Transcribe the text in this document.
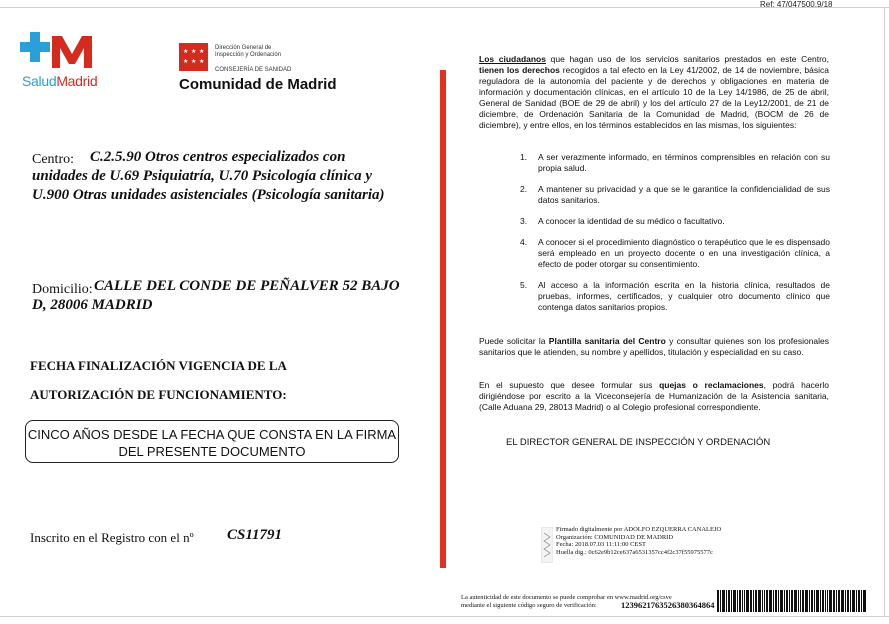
Ref: 47/047500.9/18
SaludMadrid
★ ★ ★
★ ★ ★
Dirección General de
Inspección y Ordenación
CONSEJERÍA DE SANIDAD
Comunidad de Madrid
Centro:	C.2.5.90 Otros centros especializados con unidades de U.69 Psiquiatría, U.70 Psicología clínica y U.900 Otras unidades asistenciales (Psicología sanitaria)
Domicilio: CALLE DEL CONDE DE PEÑALVER 52 BAJO D, 28006 MADRID
FECHA FINALIZACIÓN VIGENCIA DE LA
AUTORIZACIÓN DE FUNCIONAMIENTO:
CINCO AÑOS DESDE LA FECHA QUE CONSTA EN LA FIRMA DEL PRESENTE DOCUMENTO
Inscrito en el Registro con el nº CS11791
Los ciudadanos que hagan uso de los servicios sanitarios prestados en este Centro, tienen los derechos recogidos a tal efecto en la Ley 41/2002, de 14 de noviembre, básica reguladora de la autonomía del paciente y de derechos y obligaciones en materia de información y documentación clínicas, en el artículo 10 de la Ley 14/1986, de 25 de abril, General de Sanidad (BOE de 29 de abril) y los del artículo 27 de la Ley12/2001, de 21 de diciembre, de Ordenación Sanitaria de la Comunidad de Madrid, (BOCM de 26 de diciembre), y entre ellos, en los términos establecidos en las mismas, los siguientes:
1. A ser verazmente informado, en términos comprensibles en relación con su propia salud.
2. A mantener su privacidad y a que se le garantice la confidencialidad de sus datos sanitarios.
3. A conocer la identidad de su médico o facultativo.
4. A conocer si el procedimiento diagnóstico o terapéutico que le es dispensado será empleado en un proyecto docente o en una investigación clínica, a efecto de poder otorgar su consentimiento.
5. Al acceso a la información escrita en la historia clínica, resultados de pruebas, informes, certificados, y cualquier otro documento clínico que contenga datos sanitarios propios.
Puede solicitar la Plantilla sanitaria del Centro y consultar quienes son los profesionales sanitarios que le atienden, su nombre y apellidos, titulación y especialidad en su caso.
En el supuesto que desee formular sus quejas o reclamaciones, podrá hacerlo dirigiéndose por escrito a la Viceconsejería de Humanización de la Asistencia sanitaria, (Calle Aduana 29, 28013 Madrid) o al Colegio profesional correspondiente.
EL DIRECTOR GENERAL DE INSPECCIÓN Y ORDENACIÓN
Firmado digitalmente por ADOLFO EZQUERRA CANALEJO
Organización: COMUNIDAD DE MADRID
Fecha: 2018.07.03 11:11:00 CEST
Huella dig.: 0c62e9b12ce637a6531357cc4f2c37f55975577c
La autenticidad de este documento se puede comprobar en www.madrid.org/csve
mediante el siguiente código seguro de verificación:	1239621763526380364864
